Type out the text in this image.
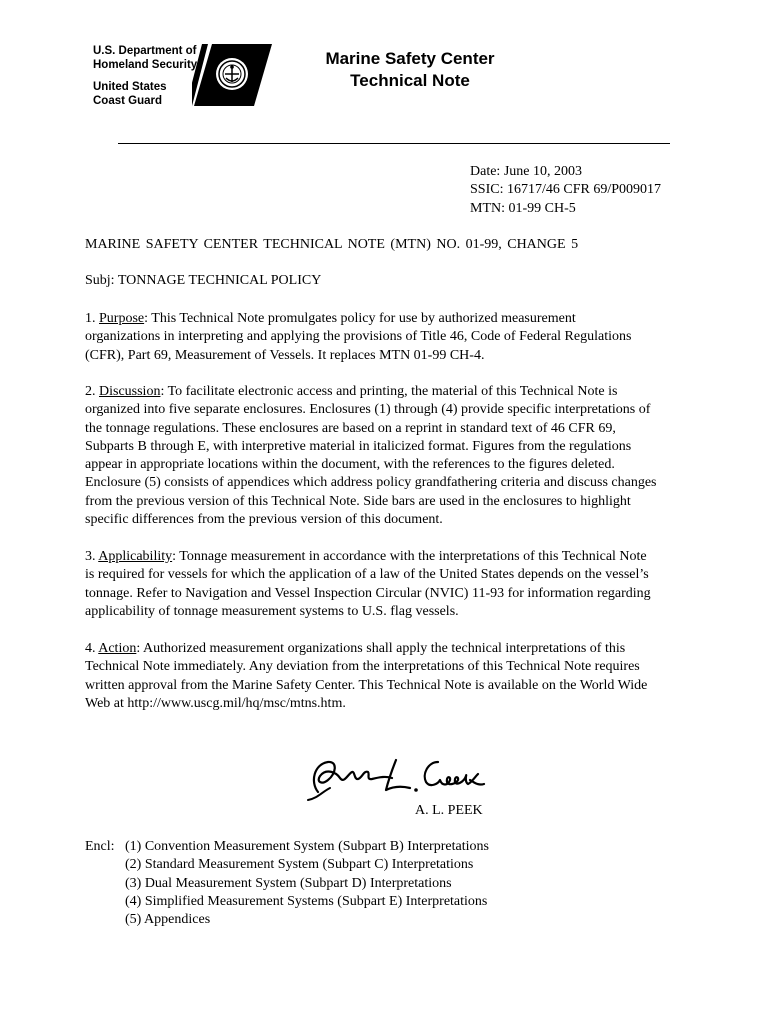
U.S. Department of
Homeland Security
United States
Coast Guard
Marine Safety Center
Technical Note
Date: June 10, 2003
SSIC: 16717/46 CFR 69/P009017
MTN: 01-99 CH-5
MARINE SAFETY CENTER TECHNICAL NOTE (MTN) NO. 01-99, CHANGE 5
Subj: TONNAGE TECHNICAL POLICY
1. Purpose: This Technical Note promulgates policy for use by authorized measurement
organizations in interpreting and applying the provisions of Title 46, Code of Federal Regulations
(CFR), Part 69, Measurement of Vessels. It replaces MTN 01-99 CH-4.
2. Discussion: To facilitate electronic access and printing, the material of this Technical Note is
organized into five separate enclosures. Enclosures (1) through (4) provide specific interpretations of
the tonnage regulations. These enclosures are based on a reprint in standard text of 46 CFR 69,
Subparts B through E, with interpretive material in italicized format. Figures from the regulations
appear in appropriate locations within the document, with the references to the figures deleted.
Enclosure (5) consists of appendices which address policy grandfathering criteria and discuss changes
from the previous version of this Technical Note. Side bars are used in the enclosures to highlight
specific differences from the previous version of this document.
3. Applicability: Tonnage measurement in accordance with the interpretations of this Technical Note
is required for vessels for which the application of a law of the United States depends on the vessel’s
tonnage. Refer to Navigation and Vessel Inspection Circular (NVIC) 11-93 for information regarding
applicability of tonnage measurement systems to U.S. flag vessels.
4. Action: Authorized measurement organizations shall apply the technical interpretations of this
Technical Note immediately. Any deviation from the interpretations of this Technical Note requires
written approval from the Marine Safety Center. This Technical Note is available on the World Wide
Web at http://www.uscg.mil/hq/msc/mtns.htm.
A. L. PEEK
Encl: (1) Convention Measurement System (Subpart B) Interpretations
(2) Standard Measurement System (Subpart C) Interpretations
(3) Dual Measurement System (Subpart D) Interpretations
(4) Simplified Measurement Systems (Subpart E) Interpretations
(5) Appendices
